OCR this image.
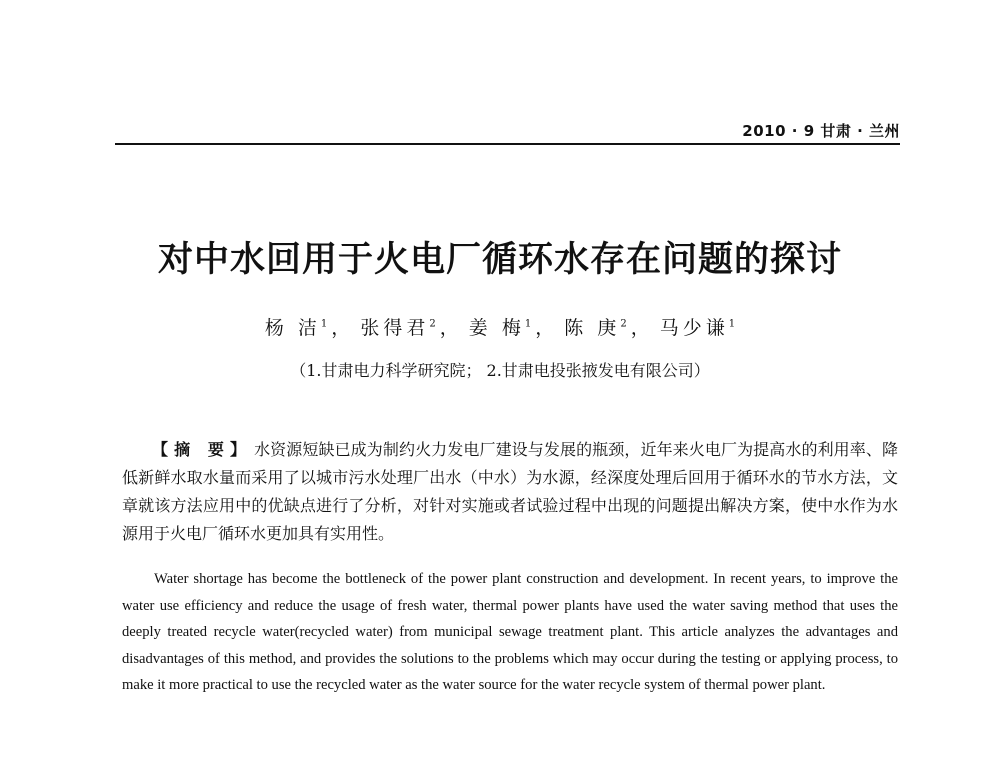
2010 · 9 甘肃 · 兰州
对中水回用于火电厂循环水存在问题的探讨
杨 洁$^1$ ， 张得君$^2$ ， 姜 梅$^1$ ， 陈 庚$^2$ ， 马少谦$^1$
（1.甘肃电力科学研究院； 2.甘肃电投张掖发电有限公司）

【摘 要】 水资源短缺已成为制约火力发电厂建设与发展的瓶颈，近年来火电厂为提高水的利用率、降低新鲜水取水量而采用了以城市污水处理厂出水（中水）为水源，经深度处理后回用于循环水的节水方法，文章就该方法应用中的优缺点进行了分析，对针对实施或者试验过程中出现的问题提出解决方案，使中水作为水源用于火电厂循环水更加具有实用性。

Water shortage has become the bottleneck of the power plant construction and development. In recent years, to improve the water use efficiency and reduce the usage of fresh water, thermal power plants have used the water saving method that uses the deeply treated recycle water(recycled water) from municipal sewage treatment plant. This article analyzes the advantages and disadvantages of this method, and provides the solutions to the problems which may occur during the testing or applying process, to make it more practical to use the recycled water as the water source for the water recycle system of thermal power plant.
